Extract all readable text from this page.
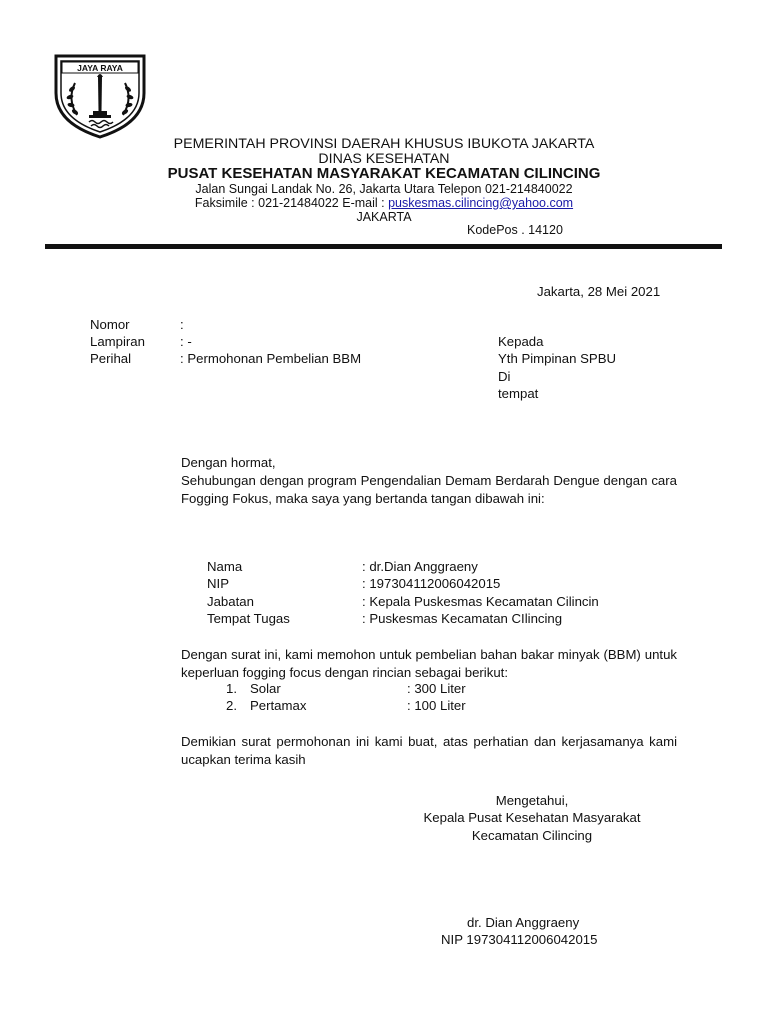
JAYA RAYA
PEMERINTAH PROVINSI DAERAH KHUSUS IBUKOTA JAKARTA
DINAS KESEHATAN
PUSAT KESEHATAN MASYARAKAT KECAMATAN CILINCING
Jalan Sungai Landak No. 26, Jakarta Utara Telepon 021-214840022
Faksimile : 021-21484022 E-mail : puskesmas.cilincing@yahoo.com
JAKARTA
KodePos . 14120
Jakarta, 28 Mei 2021
Nomor	:
Lampiran	: -
Perihal	: Permohonan Pembelian BBM
Kepada
Yth Pimpinan SPBU
Di
tempat
Dengan hormat,
Sehubungan dengan program Pengendalian Demam Berdarah Dengue dengan cara Fogging Fokus, maka saya yang bertanda tangan dibawah ini:
Nama	: dr.Dian Anggraeny
NIP	: 197304112006042015
Jabatan	: Kepala Puskesmas Kecamatan Cilincin
Tempat Tugas	: Puskesmas Kecamatan CIlincing
Dengan surat ini, kami memohon untuk pembelian bahan bakar minyak (BBM) untuk keperluan fogging focus dengan rincian sebagai berikut:
1. Solar	: 300 Liter
2. Pertamax	: 100 Liter
Demikian surat permohonan ini kami buat, atas perhatian dan kerjasamanya kami ucapkan terima kasih
Mengetahui,
Kepala Pusat Kesehatan Masyarakat
Kecamatan Cilincing
dr. Dian Anggraeny
NIP 197304112006042015
